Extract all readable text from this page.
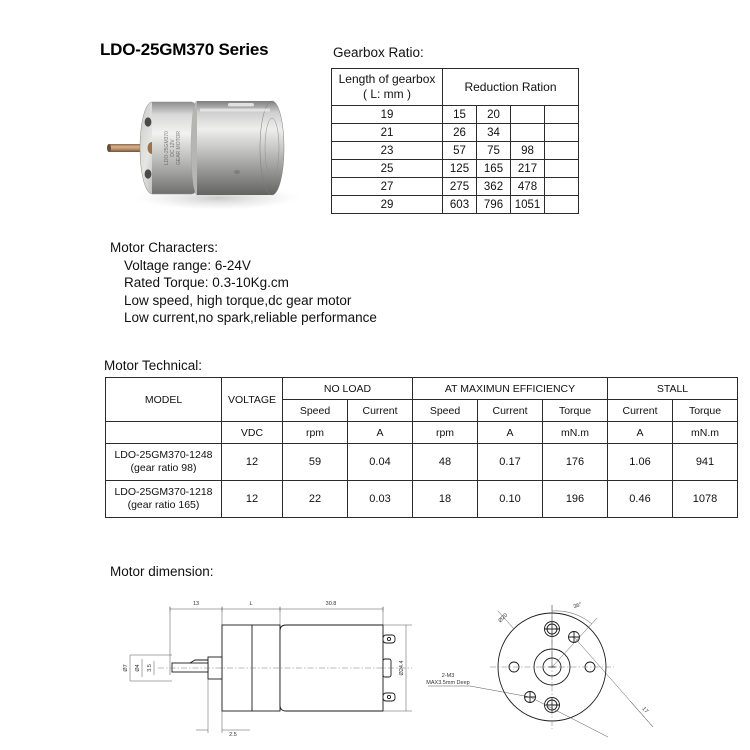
LDO-25GM370 Series
LDO-25GM370 DC 12V GEAR MOTOR
Gearbox Ratio:
Length of gearbox
( L: mm )	Reduction Ration			
19	15	20		
21	26	34		
23	57	75	98	
25	125	165	217	
27	275	362	478	
29	603	796	1051	
Motor Characters:
Voltage range: 6-24V
Rated Torque: 0.3-10Kg.cm
Low speed, high torque,dc gear motor
Low current,no spark,reliable performance
Motor Technical:
MODEL	VOLTAGE	NO LOAD		AT MAXIMUN EFFICIENCY			STALL	
		Speed	Current	Speed	Current	Torque	Current	Torque
	VDC	rpm	A	rpm	A	mN.m	A	mN.m

LDO-25GM370-1248
(gear ratio 98)	12	59	0.04	48	0.17	176	1.06	941

LDO-25GM370-1218
(gear ratio 165)	12	22	0.03	18	0.10	196	0.46	1078
Motor dimension:
13	L	30.8
Ø7 Ø4 3.5	Ø24.4
2.5
Ø20
36°
17
2-M3
MAX3.5mm Deep
